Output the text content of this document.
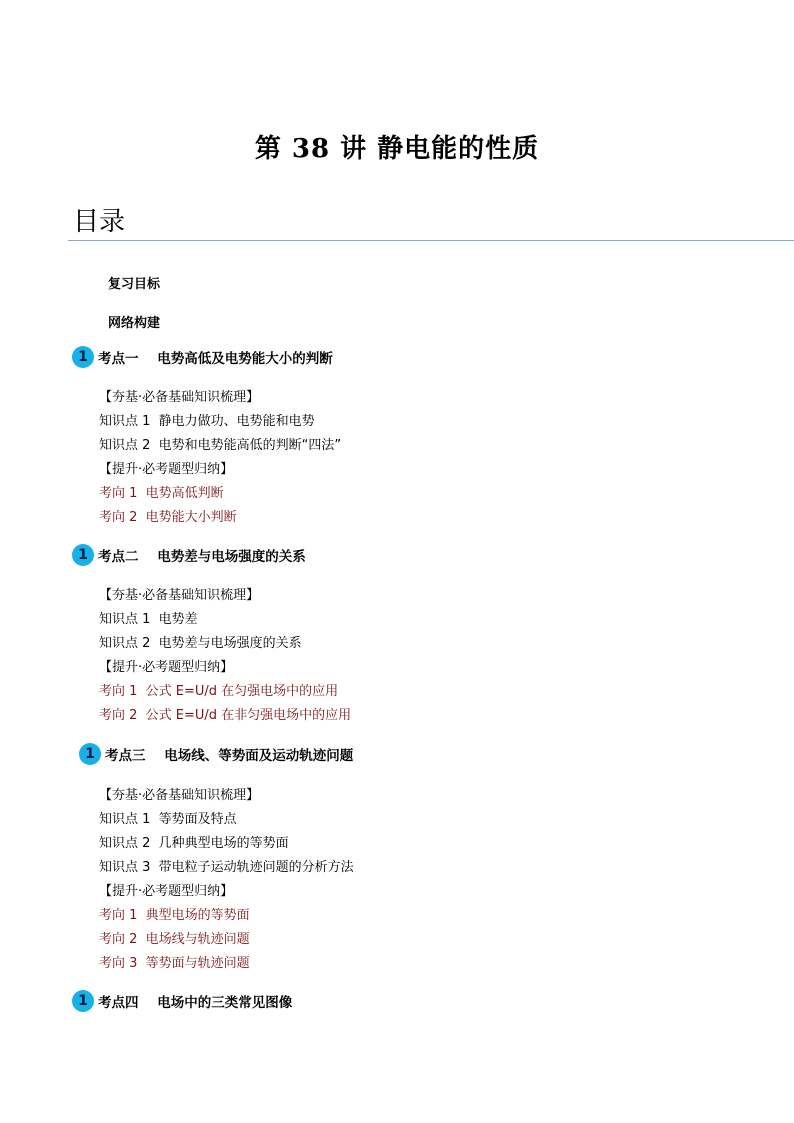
第 38 讲 静电能的性质
目录
复习目标
网络构建
1 考点一    电势高低及电势能大小的判断
【夯基·必备基础知识梳理】
知识点 1  静电力做功、电势能和电势
知识点 2  电势和电势能高低的判断“四法”
【提升·必考题型归纳】
考向 1  电势高低判断
考向 2  电势能大小判断
1 考点二    电势差与电场强度的关系
【夯基·必备基础知识梳理】
知识点 1  电势差
知识点 2  电势差与电场强度的关系
【提升·必考题型归纳】
考向 1  公式 E=U/d 在匀强电场中的应用
考向 2  公式 E=U/d 在非匀强电场中的应用
1 考点三    电场线、等势面及运动轨迹问题
【夯基·必备基础知识梳理】
知识点 1  等势面及特点
知识点 2  几种典型电场的等势面
知识点 3  带电粒子运动轨迹问题的分析方法
【提升·必考题型归纳】
考向 1  典型电场的等势面
考向 2  电场线与轨迹问题
考向 3  等势面与轨迹问题
1 考点四    电场中的三类常见图像
